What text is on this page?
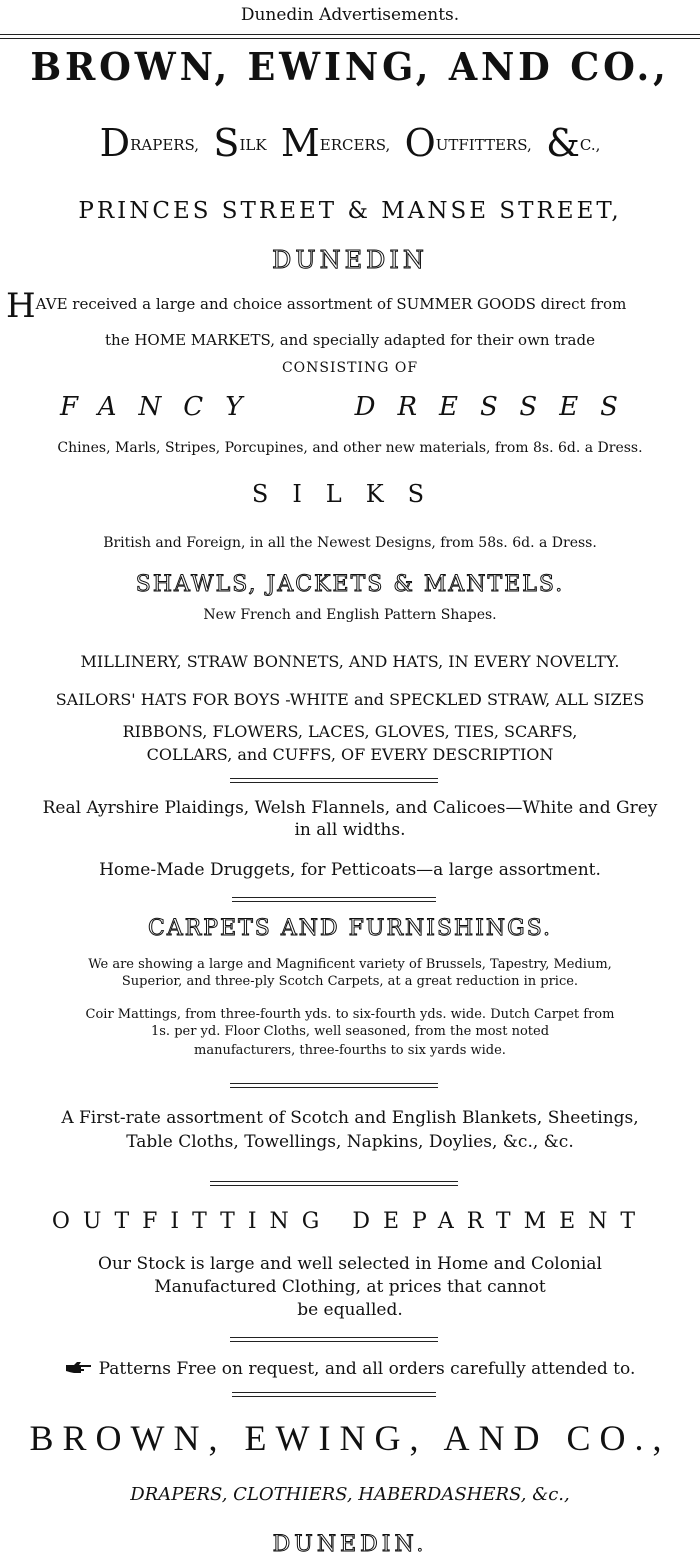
Dunedin Advertisements.
BROWN, EWING, AND CO.,
DRAPERS, SILK MERCERS, OUTFITTERS, &C.,
PRINCES STREET & MANSE STREET,
DUNEDIN
HAVE received a large and choice assortment of SUMMER GOODS direct from
the HOME MARKETS, and specially adapted for their own trade
CONSISTING OF
FANCY DRESSES
Chines, Marls, Stripes, Porcupines, and other new materials, from 8s. 6d. a Dress.
SILKS
British and Foreign, in all the Newest Designs, from 58s. 6d. a Dress.
SHAWLS, JACKETS & MANTELS.
New French and English Pattern Shapes.
MILLINERY, STRAW BONNETS, AND HATS, IN EVERY NOVELTY.
SAILORS' HATS FOR BOYS -WHITE and SPECKLED STRAW, ALL SIZES
RIBBONS, FLOWERS, LACES, GLOVES, TIES, SCARFS,
COLLARS, and CUFFS, OF EVERY DESCRIPTION
Real Ayrshire Plaidings, Welsh Flannels, and Calicoes—White and Grey
in all widths.
Home-Made Druggets, for Petticoats—a large assortment.
CARPETS AND FURNISHINGS.
We are showing a large and Magnificent variety of Brussels, Tapestry, Medium,
Superior, and three-ply Scotch Carpets, at a great reduction in price.
Coir Mattings, from three-fourth yds. to six-fourth yds. wide. Dutch Carpet from
1s. per yd. Floor Cloths, well seasoned, from the most noted
manufacturers, three-fourths to six yards wide.
A First-rate assortment of Scotch and English Blankets, Sheetings,
Table Cloths, Towellings, Napkins, Doylies, &c., &c.
OUTFITTING DEPARTMENT
Our Stock is large and well selected in Home and Colonial
Manufactured Clothing, at prices that cannot
be equalled.
Patterns Free on request, and all orders carefully attended to.
BROWN, EWING, AND CO.,
DRAPERS, CLOTHIERS, HABERDASHERS, &c.,
DUNEDIN.
